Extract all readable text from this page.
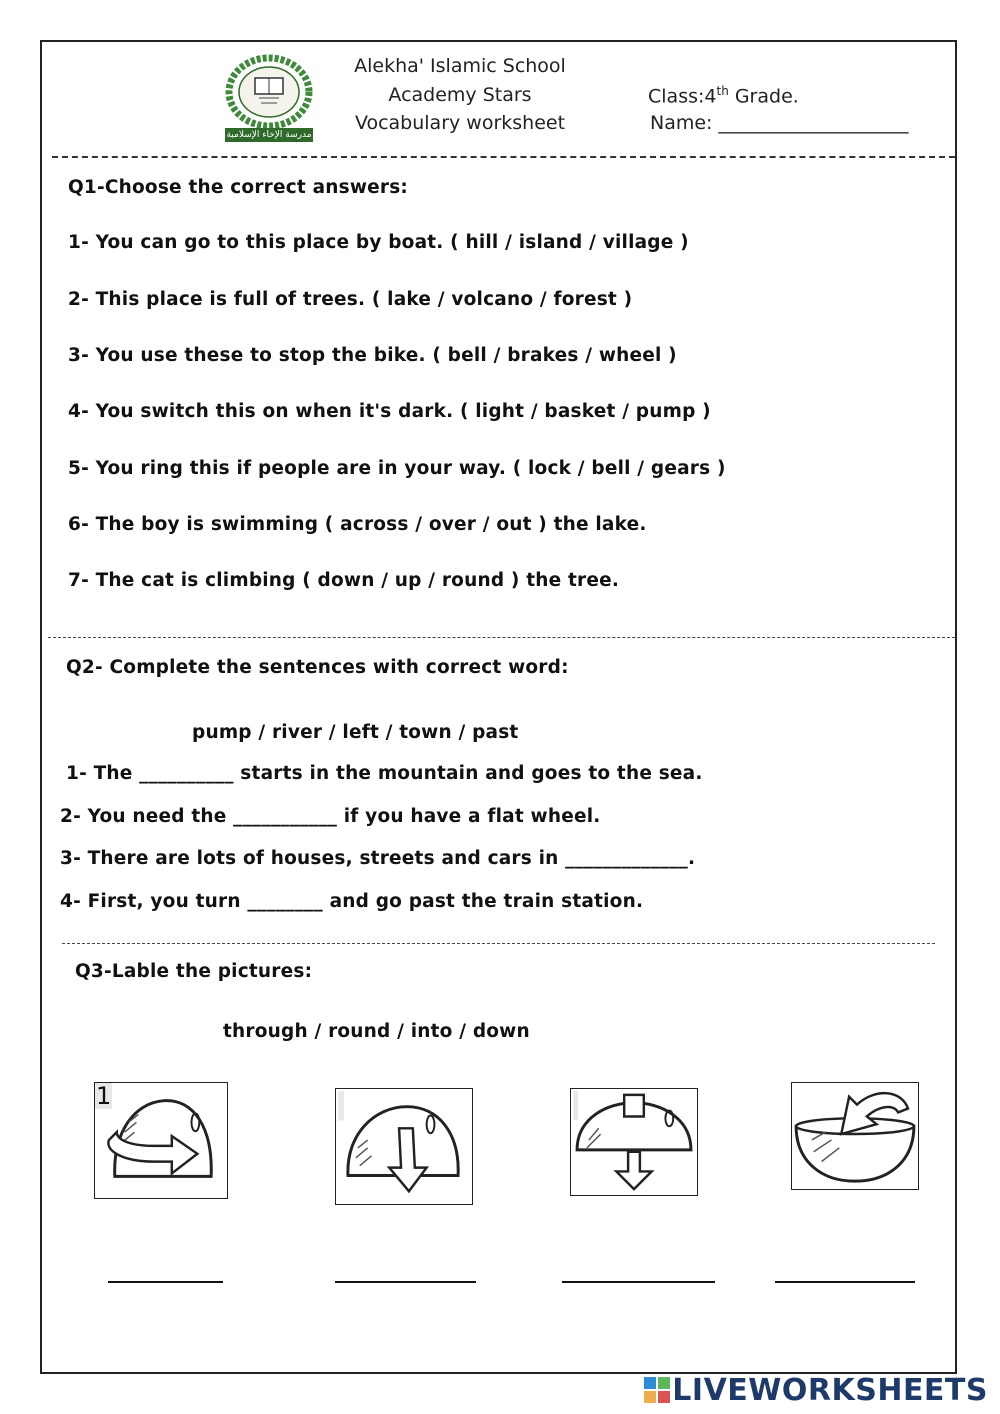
مدرسة الإخاء الإسلامية
Alekha' Islamic School
Academy Stars
Vocabulary worksheet
Class:4th Grade.
Name: ____________________
Q1-Choose the correct answers:
1- You can go to this place by boat. ( hill / island / village )
2- This place is full of trees. ( lake / volcano / forest )
3- You use these to stop the bike. ( bell / brakes / wheel )
4- You switch this on when it's dark. ( light / basket / pump )
5- You ring this if people are in your way. ( lock / bell / gears )
6- The boy is swimming ( across / over / out ) the lake.
7- The cat is climbing ( down / up / round ) the tree.
Q2- Complete the sentences with correct word:
pump / river / left / town / past
1- The __________ starts in the mountain and goes to the sea.
2- You need the ___________ if you have a flat wheel.
3- There are lots of houses, streets and cars in _____________.
4- First, you turn ________ and go past the train station.
Q3-Lable the pictures:
through / round / into / down
1
LIVEWORKSHEETS
